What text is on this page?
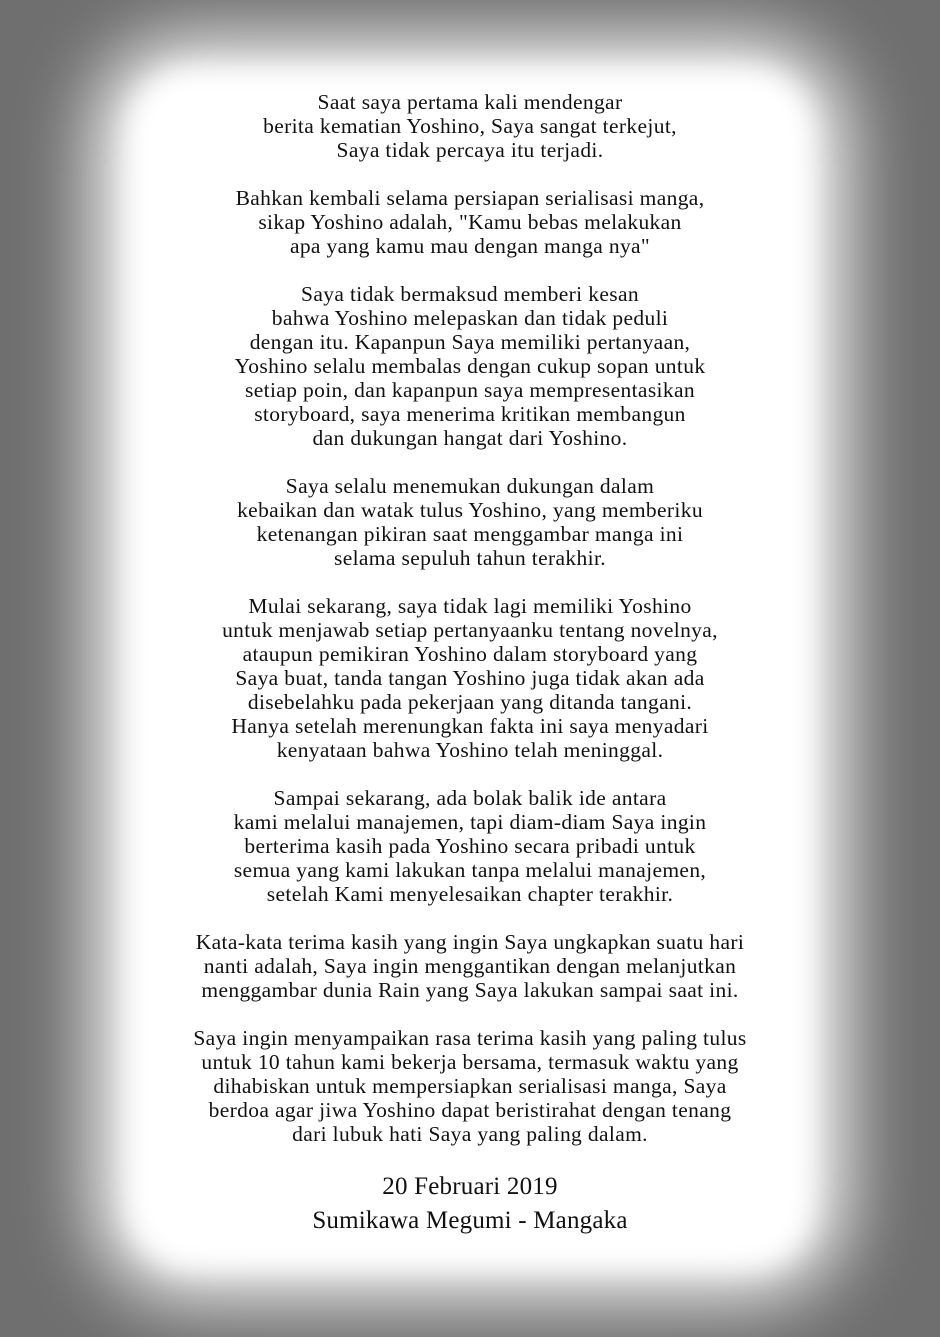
Saat saya pertama kali mendengar
berita kematian Yoshino, Saya sangat terkejut,
Saya tidak percaya itu terjadi.
Bahkan kembali selama persiapan serialisasi manga,
sikap Yoshino adalah, "Kamu bebas melakukan
apa yang kamu mau dengan manga nya"
Saya tidak bermaksud memberi kesan
bahwa Yoshino melepaskan dan tidak peduli
dengan itu. Kapanpun Saya memiliki pertanyaan,
Yoshino selalu membalas dengan cukup sopan untuk
setiap poin, dan kapanpun saya mempresentasikan
storyboard, saya menerima kritikan membangun
dan dukungan hangat dari Yoshino.
Saya selalu menemukan dukungan dalam
kebaikan dan watak tulus Yoshino, yang memberiku
ketenangan pikiran saat menggambar manga ini
selama sepuluh tahun terakhir.
Mulai sekarang, saya tidak lagi memiliki Yoshino
untuk menjawab setiap pertanyaanku tentang novelnya,
ataupun pemikiran Yoshino dalam storyboard yang
Saya buat, tanda tangan Yoshino juga tidak akan ada
disebelahku pada pekerjaan yang ditanda tangani.
Hanya setelah merenungkan fakta ini saya menyadari
kenyataan bahwa Yoshino telah meninggal.
Sampai sekarang, ada bolak balik ide antara
kami melalui manajemen, tapi diam-diam Saya ingin
berterima kasih pada Yoshino secara pribadi untuk
semua yang kami lakukan tanpa melalui manajemen,
setelah Kami menyelesaikan chapter terakhir.
Kata-kata terima kasih yang ingin Saya ungkapkan suatu hari
nanti adalah, Saya ingin menggantikan dengan melanjutkan
menggambar dunia Rain yang Saya lakukan sampai saat ini.
Saya ingin menyampaikan rasa terima kasih yang paling tulus
untuk 10 tahun kami bekerja bersama, termasuk waktu yang
dihabiskan untuk mempersiapkan serialisasi manga, Saya
berdoa agar jiwa Yoshino dapat beristirahat dengan tenang
dari lubuk hati Saya yang paling dalam.
20 Februari 2019
Sumikawa Megumi - Mangaka
